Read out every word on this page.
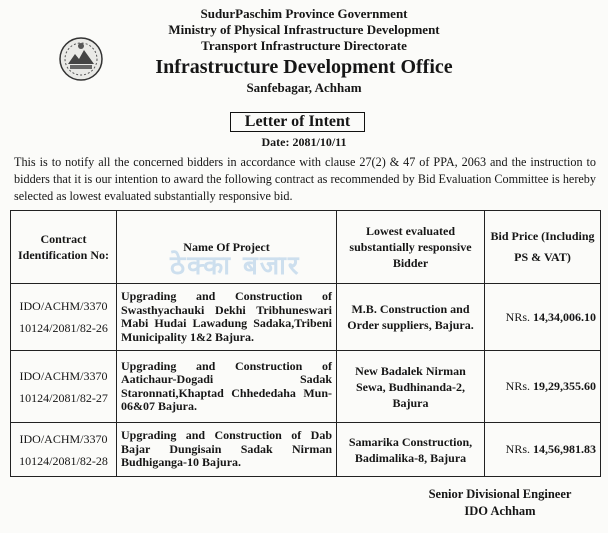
SudurPaschim Province Government
Ministry of Physical Infrastructure Development
Transport Infrastructure Directorate
Infrastructure Development Office
Sanfebagar, Achham
Letter of Intent
Date: 2081/10/11
This is to notify all the concerned bidders in accordance with clause 27(2) & 47 of PPA, 2063 and the instruction to bidders that it is our intention to award the following contract as recommended by Bid Evaluation Committee is hereby selected as lowest evaluated substantially responsive bid.
ठेक्का बजार
Contract Identification No:	Name Of Project	Lowest evaluated substantially responsive Bidder	Bid Price (Including PS & VAT)

IDO/ACHM/3370
10124/2081/82-26	Upgrading and Construction of Swasthyachauki Dekhi Tribhuneswari Mabi Hudai Lawadung Sadaka,Tribeni Municipality 1&2 Bajura.	M.B. Construction and Order suppliers, Bajura.	NRs. 14,34,006.10

IDO/ACHM/3370
10124/2081/82-27	Upgrading and Construction of Aatichaur-Dogadi Sadak Staronnati,Khaptad Chhededaha Mun-06&07 Bajura.	New Badalek Nirman Sewa, Budhinanda-2, Bajura	NRs. 19,29,355.60

IDO/ACHM/3370
10124/2081/82-28	Upgrading and Construction of Dab Bajar Dungisain Sadak Nirman Budhiganga-10 Bajura.	Samarika Construction, Badimalika-8, Bajura	NRs. 14,56,981.83
Senior Divisional Engineer
IDO Achham
